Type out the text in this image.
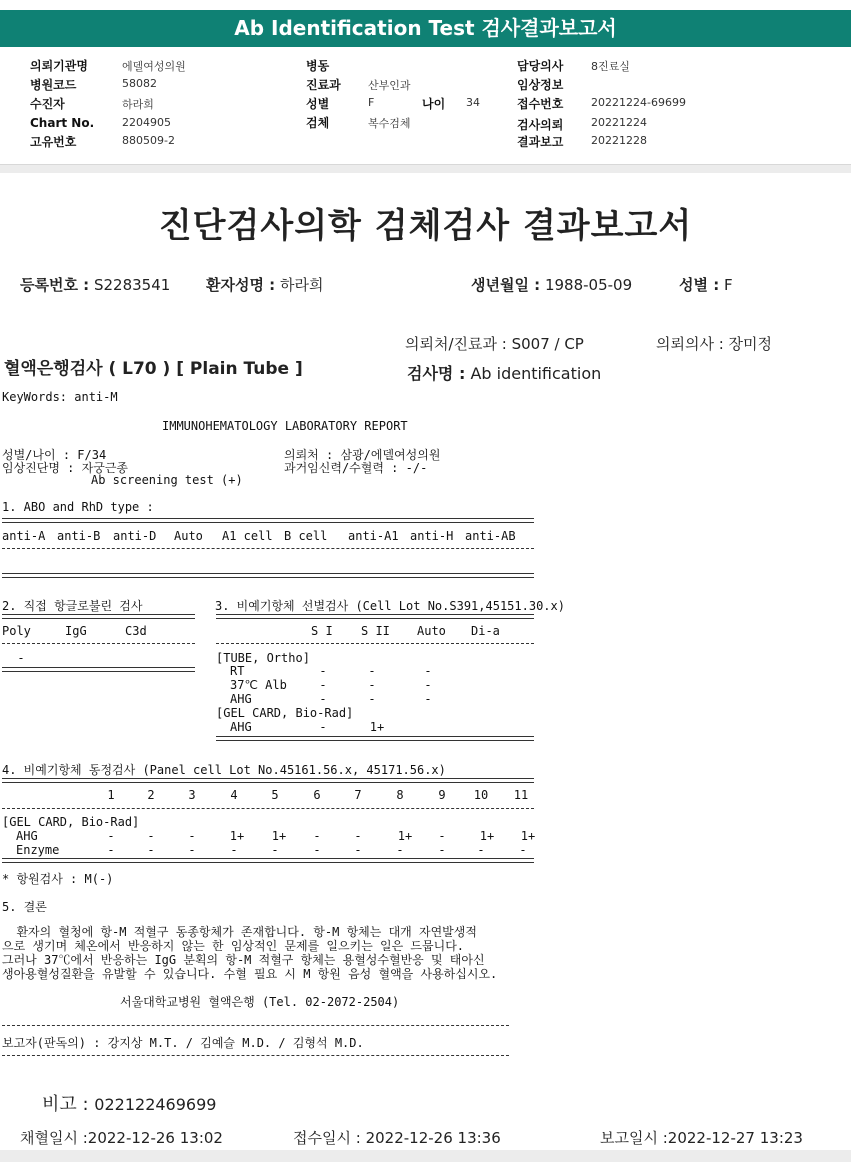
Ab Identification Test 검사결과보고서
의뢰기관명	에델여성의원
병원코드	58082
수진자	하라희
Chart No.	2204905
고유번호	880509-2
병동
진료과 산부인과
성별	F	나이 34
검체	복수검체
담당의사	8진료실
임상정보
접수번호	20221224-69699
검사의뢰	20221224
결과보고	20221228
진단검사의학 검체검사 결과보고서
등록번호 : S2283541 환자성명 : 하라희	생년월일 : 1988-05-09	성별 : F
의뢰처/진료과 : S007 / CP	의뢰의사 : 장미정
혈액은행검사 ( L70 ) [ Plain Tube ]	검사명 : Ab identification
KeyWords: anti-M
IMMUNOHEMATOLOGY LABORATORY REPORT
성별/나이 : F/34	의뢰처 : 삼광/에델여성의원
임상진단명 : 자궁근종	과거임신력/수혈력 : -/-
Ab screening test (+)
1. ABO and RhD type :
anti-A anti-B anti-D Auto A1 cell B cell anti-A1 anti-H anti-AB
2. 직접 항글로불린 검사
Poly	IgG	C3d
-
3. 비예기항체 선별검사 (Cell Lot No.S391,45151.30.x)
S I S II Auto Di-a
[TUBE, Ortho]
RT	-	-	-
37℃ Alb	-	-	-
AHG	-	-	-
[GEL CARD, Bio-Rad]
AHG	-	1+
4. 비예기항체 동정검사 (Panel cell Lot No.45161.56.x, 45171.56.x)
1	2	3	4	5	6	7	8	9	10	11
[GEL CARD, Bio-Rad]
AHG	-	-	-	1+	1+	-	-	1+	-	1+	1+
Enzyme	-	-	-	-	-	-	-	-	-	-	-
* 항원검사 : M(-)
5. 결론
환자의 혈청에 항-M 적혈구 동종항체가 존재합니다. 항-M 항체는 대개 자연발생적
으로 생기며 체온에서 반응하지 않는 한 임상적인 문제를 일으키는 일은 드뭅니다.
그러나 37℃에서 반응하는 IgG 분획의 항-M 적혈구 항체는 용혈성수혈반응 및 태아신
생아용혈성질환을 유발할 수 있습니다. 수혈 필요 시 M 항원 음성 혈액을 사용하십시오.
서울대학교병원 혈액은행 (Tel. 02-2072-2504)
보고자(판독의) : 강지상 M.T. / 김예슬 M.D. / 김형석 M.D.
비고 : 022122469699
채혈일시 :2022-12-26 13:02	접수일시 : 2022-12-26 13:36	보고일시 :2022-12-27 13:23
